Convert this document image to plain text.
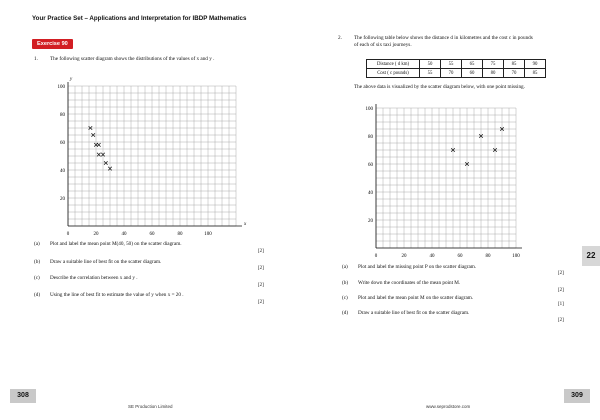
Your Practice Set – Applications and Interpretation for IBDP Mathematics
Exercise 90
1. The following scatter diagram shows the distributions of the values of x and y .
0	20	40	60	80	100
20
40
60
80
100
x
y
(a) Plot and label the mean point M(40, 50) on the scatter diagram.
[2]
(b) Draw a suitable line of best fit on the scatter diagram.
[2]
(c) Describe the correlation between x and y .
[2]
(d) Using the line of best fit to estimate the value of y when x = 20 .
[2]
2. The following table below shows the distance d in kilometres and the cost c in pounds
of each of six taxi journeys.
Distance ( d km)	50	55	65	75	85	90
Cost ( c pounds)	55	70	60	80	70	85
The above data is visualized by the scatter diagram below, with one point missing.
0	20	40	60	80	100
20
40
60
80
100
(a) Plot and label the missing point P on the scatter diagram.
[2]
(b) Write down the coordinates of the mean point M.
[2]
(c) Plot and label the mean point M on the scatter diagram.
[1]
(d) Draw a suitable line of best fit on the scatter diagram.
[2]
22
308	309
SE Production Limited	www.seprodstore.com
